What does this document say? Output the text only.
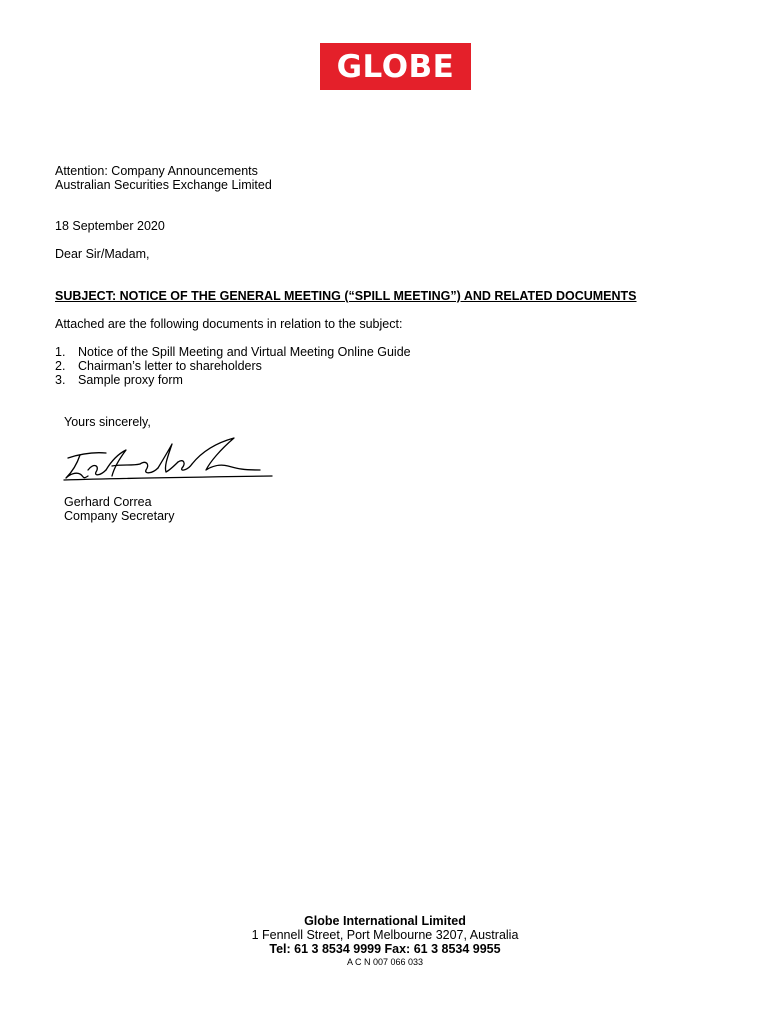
GLOBE
Attention: Company Announcements
Australian Securities Exchange Limited
18 September 2020
Dear Sir/Madam,
SUBJECT: NOTICE OF THE GENERAL MEETING (“SPILL MEETING”) AND RELATED DOCUMENTS
Attached are the following documents in relation to the subject:
1.	Notice of the Spill Meeting and Virtual Meeting Online Guide
2.	Chairman’s letter to shareholders
3.	Sample proxy form
Yours sincerely,
Gerhard Correa
Company Secretary
Globe International Limited
1 Fennell Street, Port Melbourne 3207, Australia
Tel: 61 3 8534 9999 Fax: 61 3 8534 9955
A C N 007 066 033
